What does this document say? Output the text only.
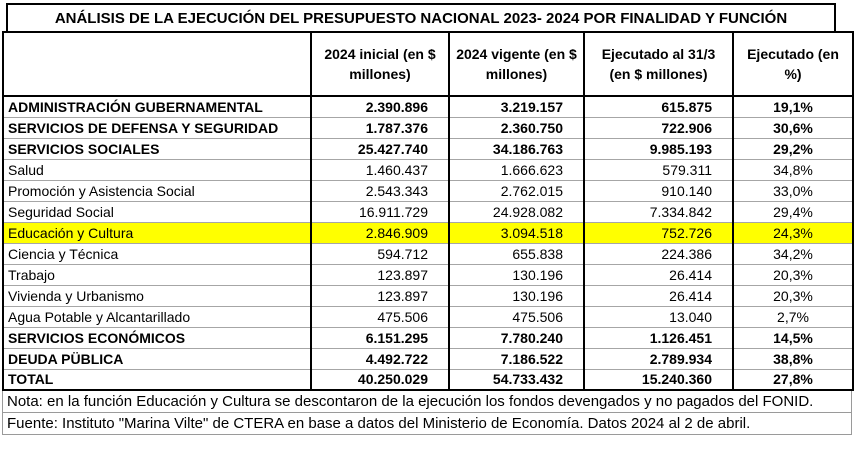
ANÁLISIS DE LA EJECUCIÓN DEL PRESUPUESTO NACIONAL 2023- 2024 POR FINALIDAD Y FUNCIÓN
	2024 inicial (en $ millones)	2024 vigente (en $ millones)	Ejecutado al 31/3 (en $ millones)	Ejecutado (en %)
ADMINISTRACIÓN GUBERNAMENTAL	2.390.896	3.219.157	615.875	19,1%
SERVICIOS DE DEFENSA Y SEGURIDAD	1.787.376	2.360.750	722.906	30,6%
SERVICIOS SOCIALES	25.427.740	34.186.763	9.985.193	29,2%
Salud	1.460.437	1.666.623	579.311	34,8%
Promoción y Asistencia Social	2.543.343	2.762.015	910.140	33,0%
Seguridad Social	16.911.729	24.928.082	7.334.842	29,4%
Educación y Cultura	2.846.909	3.094.518	752.726	24,3%
Ciencia y Técnica	594.712	655.838	224.386	34,2%
Trabajo	123.897	130.196	26.414	20,3%
Vivienda y Urbanismo	123.897	130.196	26.414	20,3%
Agua Potable y Alcantarillado	475.506	475.506	13.040	2,7%
SERVICIOS ECONÓMICOS	6.151.295	7.780.240	1.126.451	14,5%
DEUDA PÜBLICA	4.492.722	7.186.522	2.789.934	38,8%
TOTAL	40.250.029	54.733.432	15.240.360	27,8%
Nota: en la función Educación y Cultura se descontaron de la ejecución los fondos devengados y no pagados del FONID.
Fuente: Instituto "Marina Vilte" de CTERA en base a datos del Ministerio de Economía. Datos 2024 al 2 de abril.
